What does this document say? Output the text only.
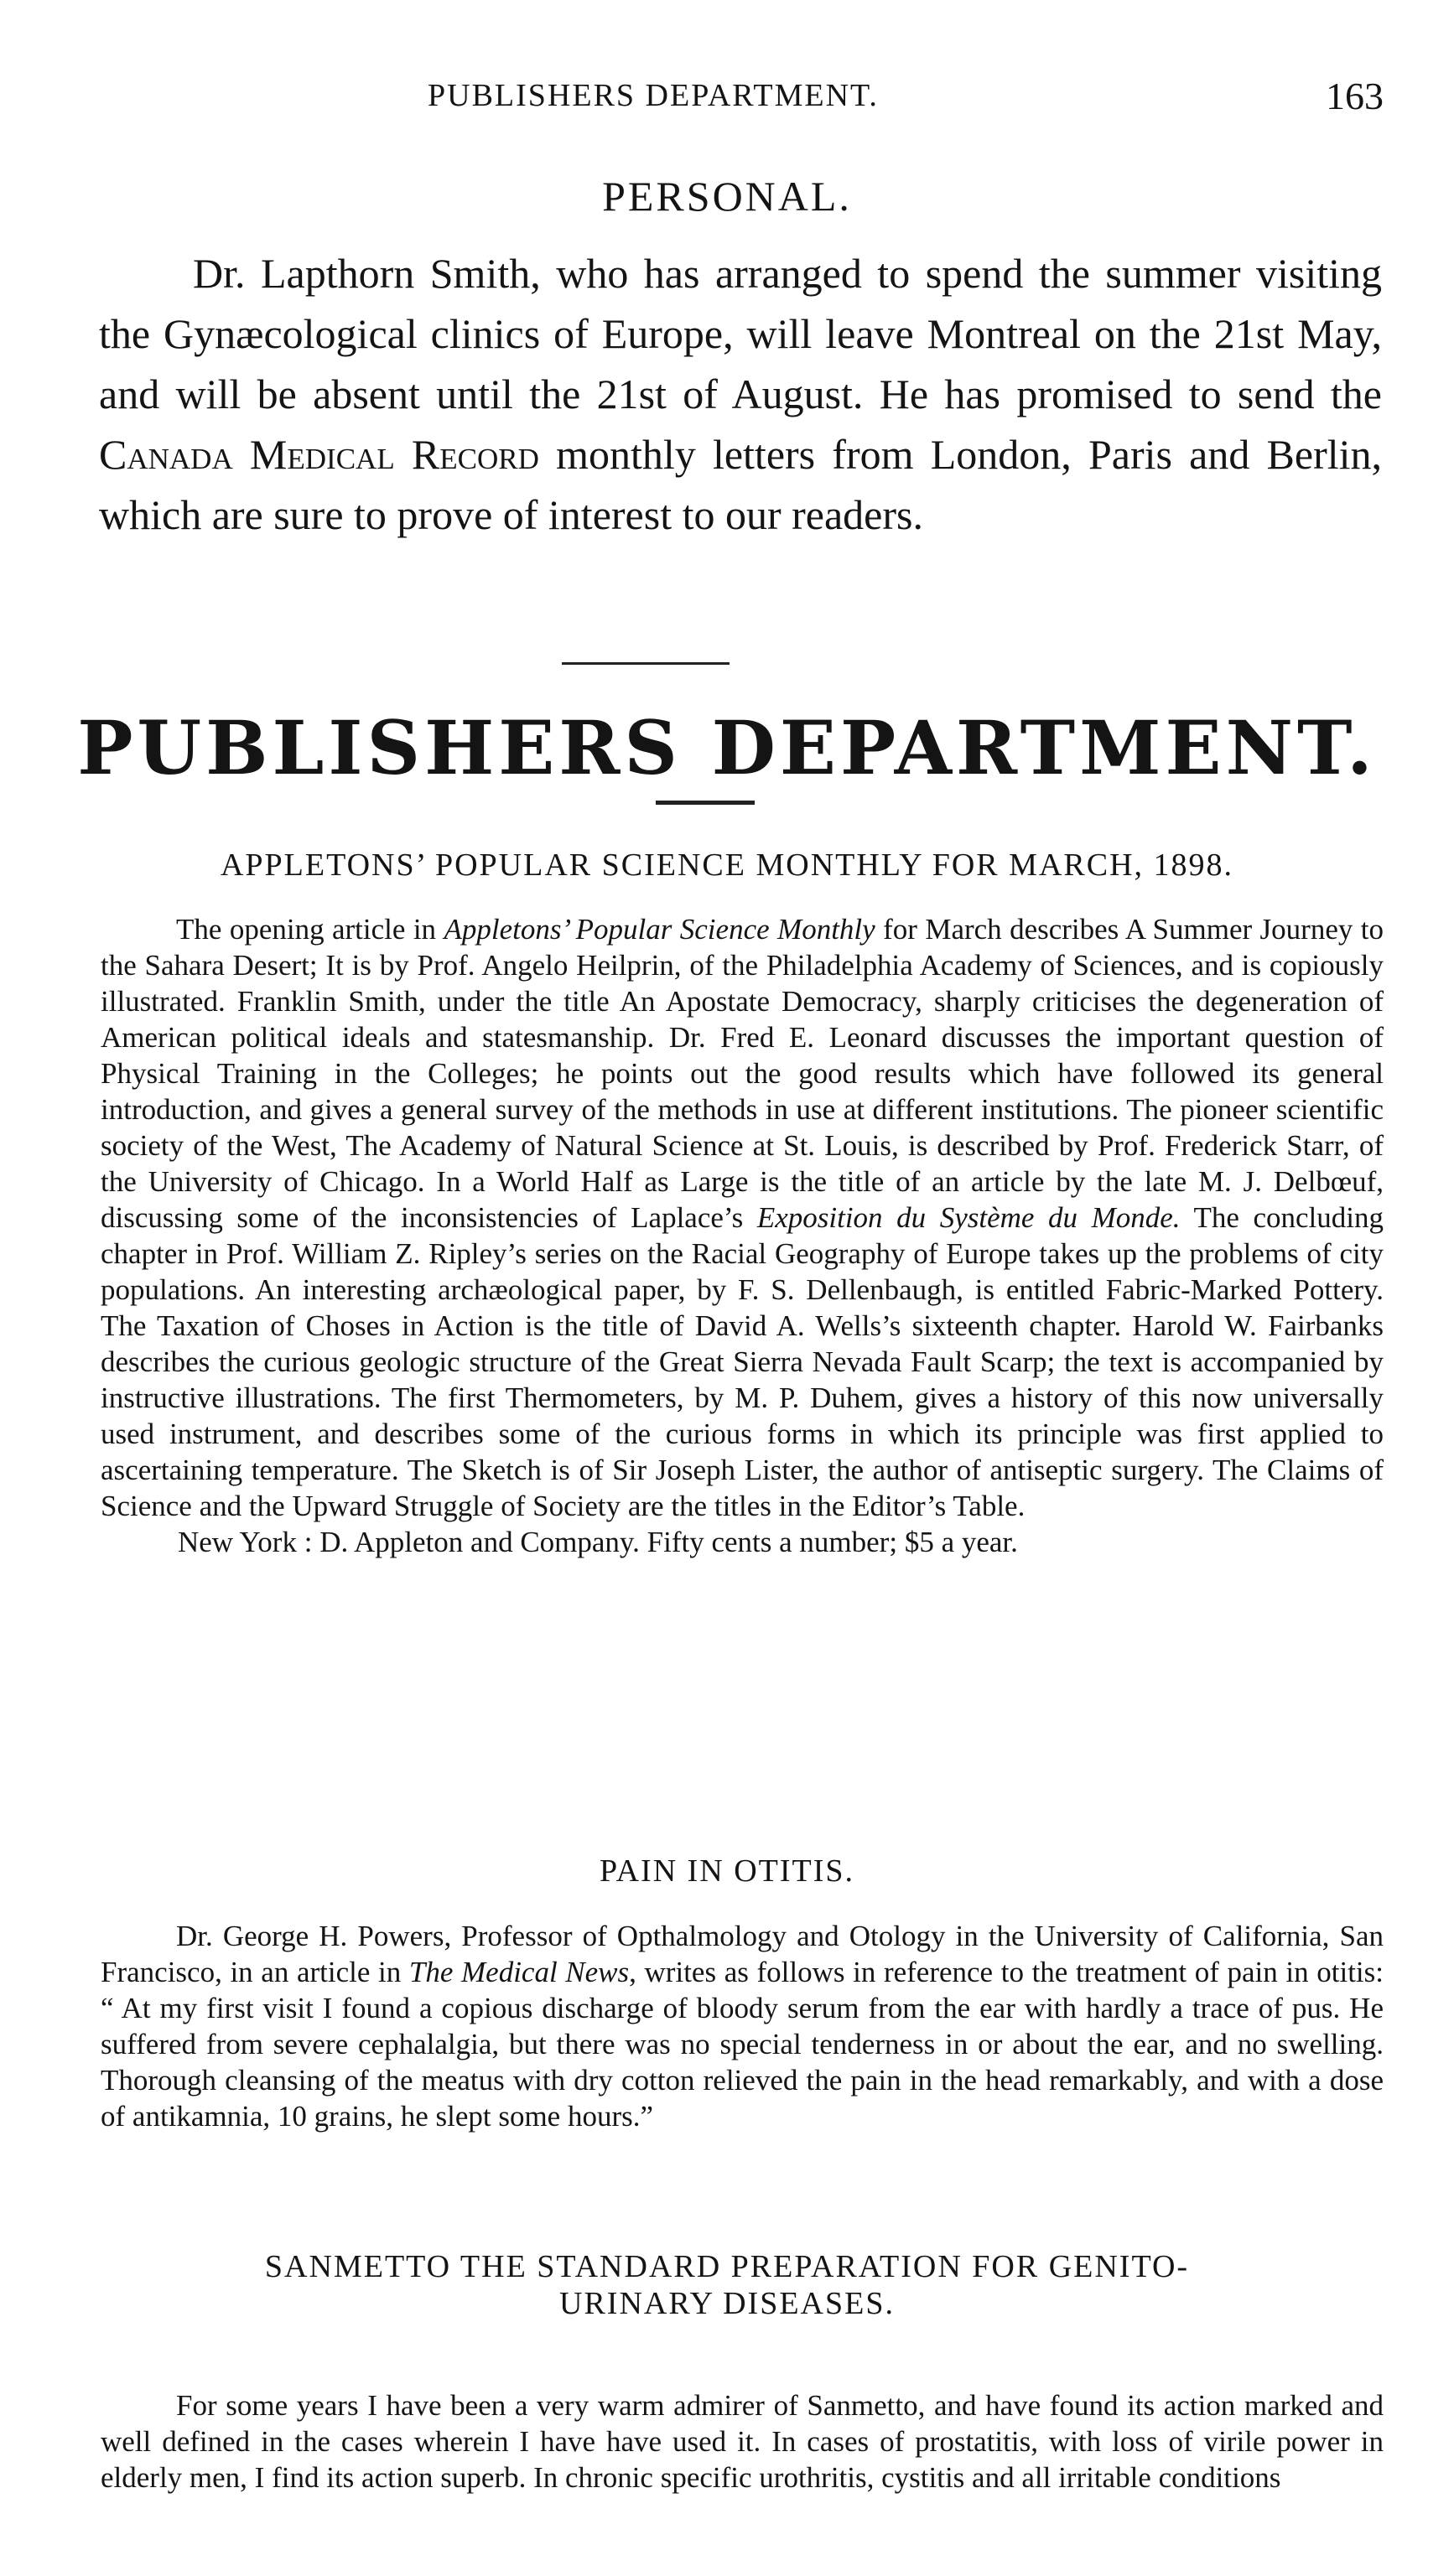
PUBLISHERS DEPARTMENT.	163
PERSONAL.

Dr. Lapthorn Smith, who has arranged to spend the summer visiting the Gynæcological clinics of Europe, will leave Montreal on the 21st May, and will be absent until the 21st of August. He has promised to send the Canada Medical Record monthly letters from London, Paris and Berlin, which are sure to prove of interest to our readers.

PUBLISHERS DEPARTMENT.
APPLETONS’ POPULAR SCIENCE MONTHLY FOR MARCH, 1898.

The opening article in Appletons’ Popular Science Monthly for March describes A Summer Journey to the Sahara Desert; It is by Prof. Angelo Heilprin, of the Philadelphia Academy of Sciences, and is copiously illustrated. Franklin Smith, under the title An Apostate Democracy, sharply criticises the degeneration of American political ideals and statesmanship. Dr. Fred E. Leonard discusses the important question of Physical Training in the Colleges; he points out the good results which have followed its general introduction, and gives a general survey of the methods in use at different institutions. The pioneer scientific society of the West, The Academy of Natural Science at St. Louis, is described by Prof. Frederick Starr, of the University of Chicago. In a World Half as Large is the title of an article by the late M. J. Delbœuf, discussing some of the inconsistencies of Laplace’s Exposition du Système du Monde. The concluding chapter in Prof. William Z. Ripley’s series on the Racial Geography of Europe takes up the problems of city populations. An interesting archæological paper, by F. S. Dellenbaugh, is entitled Fabric-Marked Pottery. The Taxation of Choses in Action is the title of David A. Wells’s sixteenth chapter. Harold W. Fairbanks describes the curious geologic structure of the Great Sierra Nevada Fault Scarp; the text is accompanied by instructive illustrations. The first Thermometers, by M. P. Duhem, gives a history of this now universally used instrument, and describes some of the curious forms in which its principle was first applied to ascertaining temperature. The Sketch is of Sir Joseph Lister, the author of antiseptic surgery. The Claims of Science and the Upward Struggle of Society are the titles in the Editor’s Table.

New York : D. Appleton and Company. Fifty cents a number; $5 a year.

PAIN IN OTITIS.

Dr. George H. Powers, Professor of Opthalmology and Otology in the University of California, San Francisco, in an article in The Medical News, writes as follows in reference to the treatment of pain in otitis: “ At my first visit I found a copious discharge of bloody serum from the ear with hardly a trace of pus. He suffered from severe cephalalgia, but there was no special tenderness in or about the ear, and no swelling. Thorough cleansing of the meatus with dry cotton relieved the pain in the head remarkably, and with a dose of antikamnia, 10 grains, he slept some hours.”

SANMETTO THE STANDARD PREPARATION FOR GENITO-
URINARY DISEASES.

For some years I have been a very warm admirer of Sanmetto, and have found its action marked and well defined in the cases wherein I have have used it. In cases of prostatitis, with loss of virile power in elderly men, I find its action superb. In chronic specific urothritis, cystitis and all irritable conditions
